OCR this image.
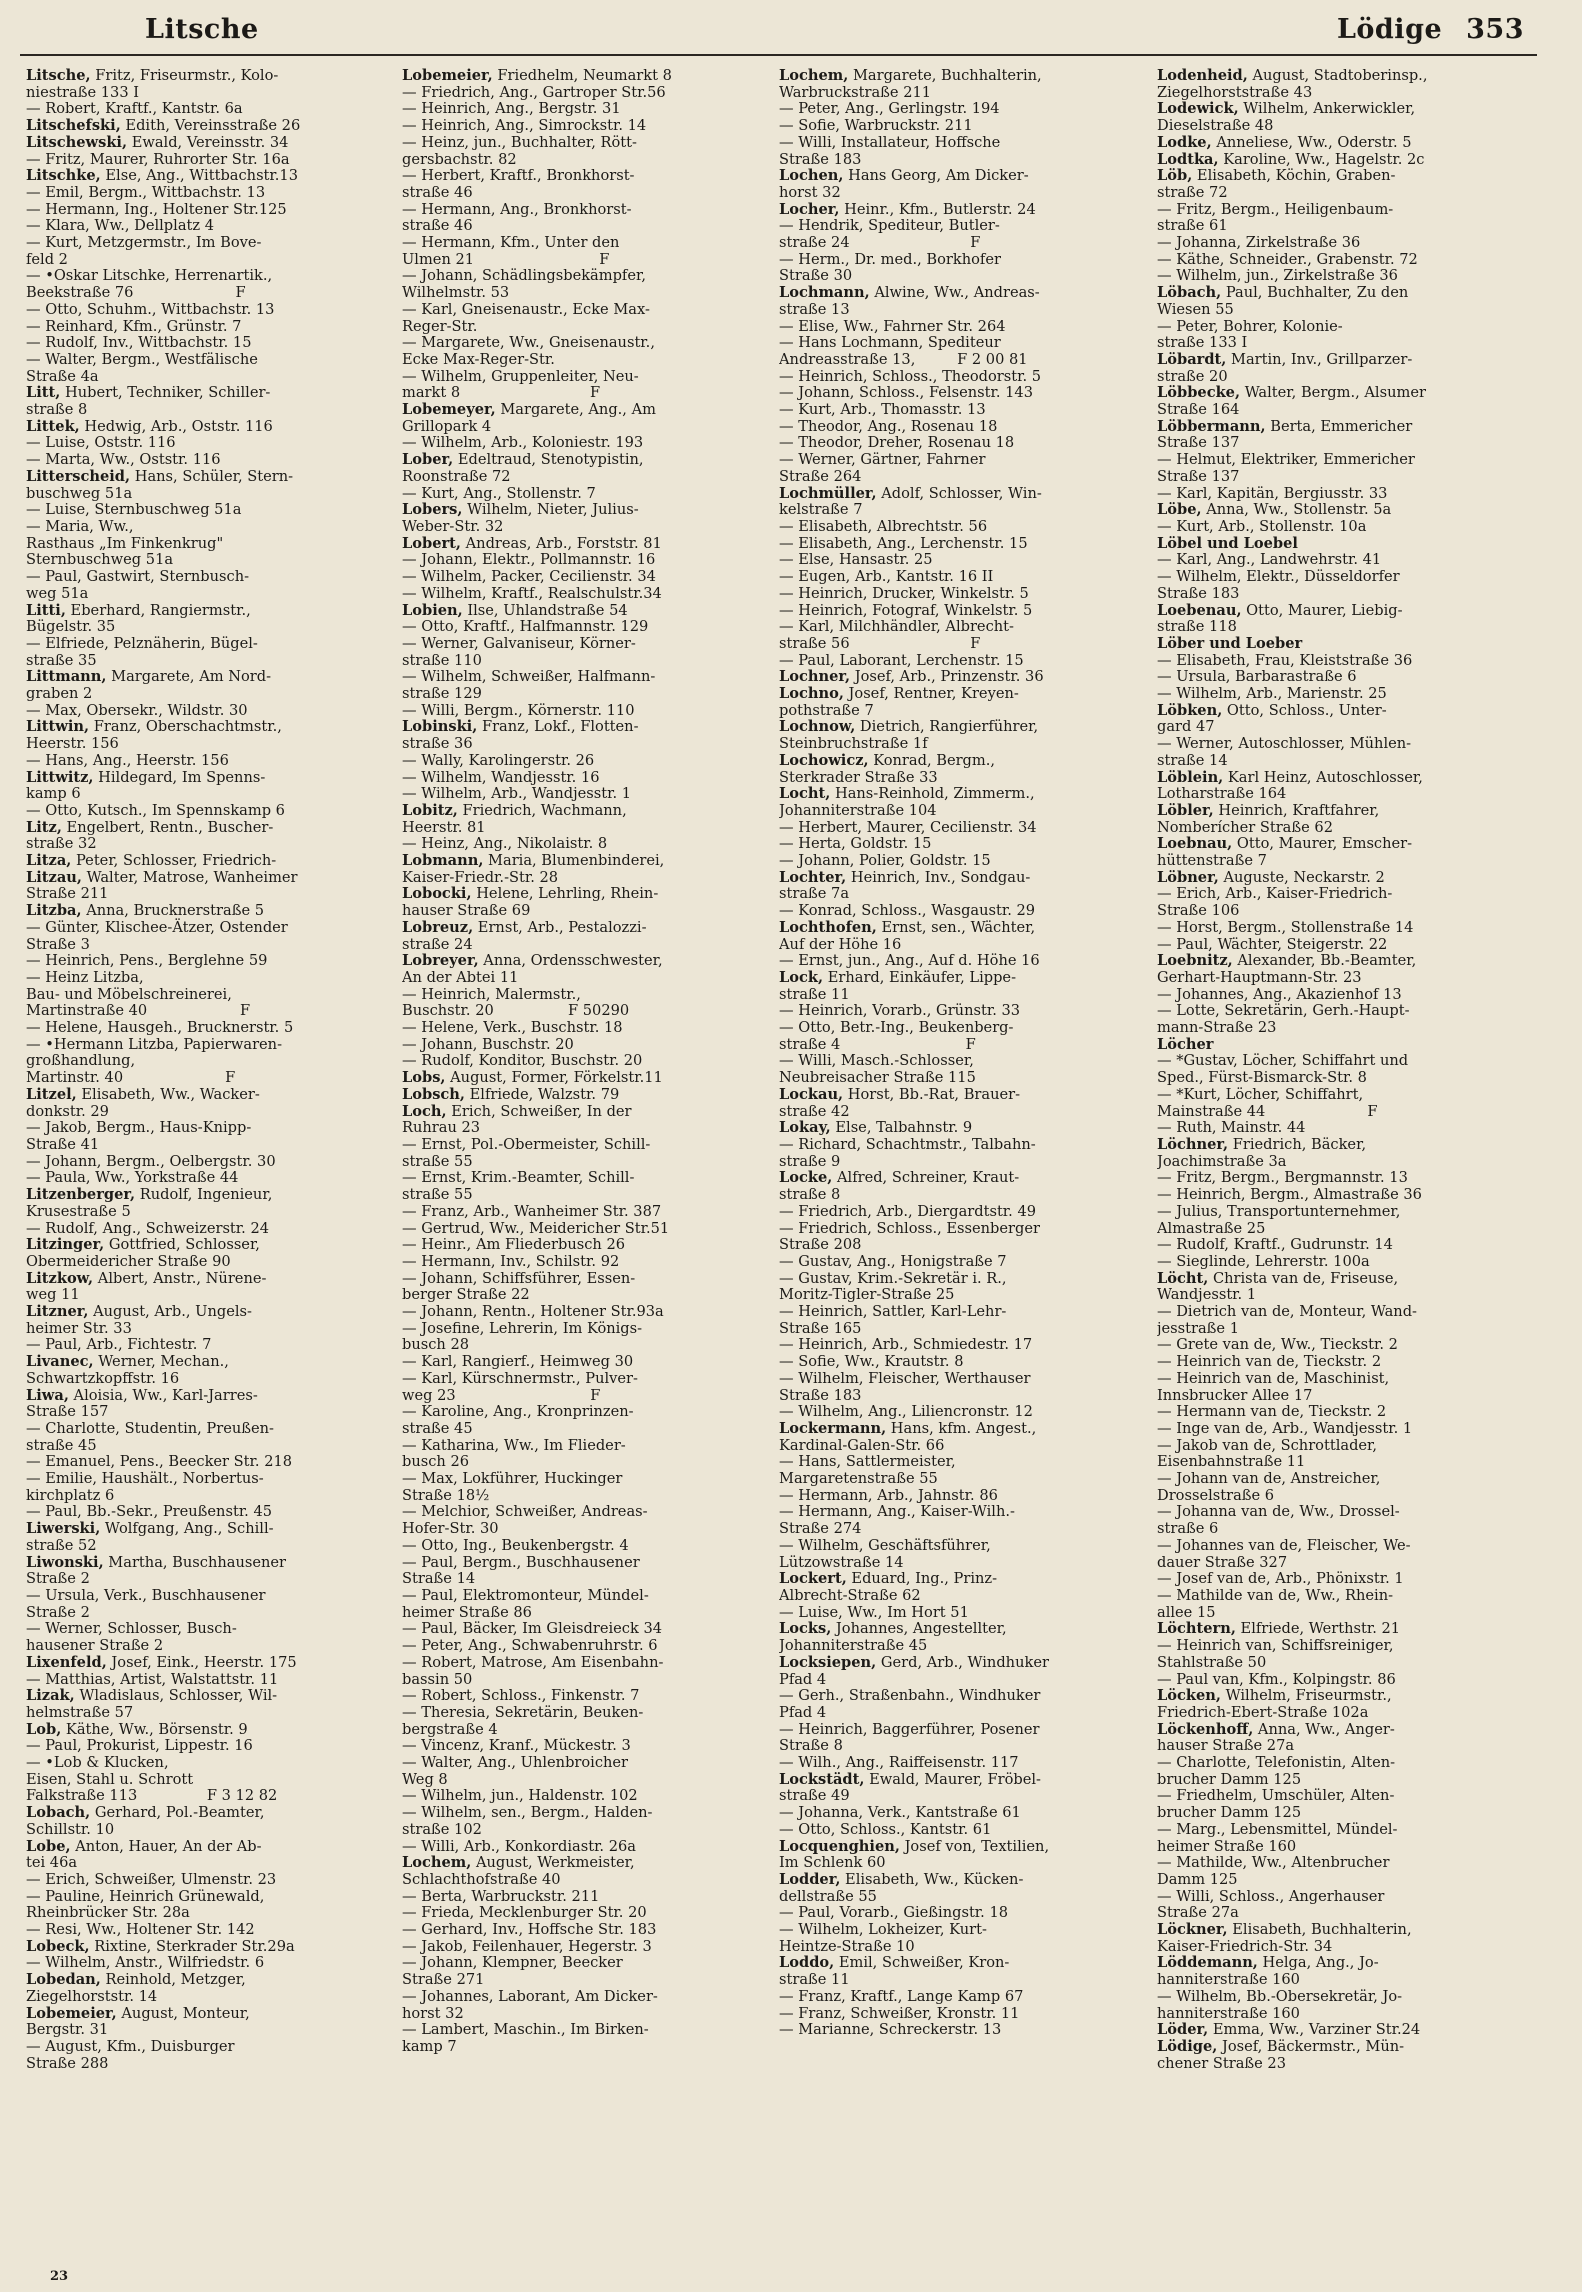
Litsche	Lödige 353
Litsche, Fritz, Friseurmstr., Kolo-
niestraße 133 I
— Robert, Kraftf., Kantstr. 6a
Litschefski, Edith, Vereinsstraße 26
Litschewski, Ewald, Vereinsstr. 34
— Fritz, Maurer, Ruhrorter Str. 16a
Litschke, Else, Ang., Wittbachstr.13
— Emil, Bergm., Wittbachstr. 13
— Hermann, Ing., Holtener Str.125
— Klara, Ww., Dellplatz 4
— Kurt, Metzgermstr., Im Bove-
feld 2
— •Oskar Litschke, Herrenartik.,
Beekstraße 76                      F
— Otto, Schuhm., Wittbachstr. 13
— Reinhard, Kfm., Grünstr. 7
— Rudolf, Inv., Wittbachstr. 15
— Walter, Bergm., Westfälische
Straße 4a
Litt, Hubert, Techniker, Schiller-
straße 8
Littek, Hedwig, Arb., Oststr. 116
— Luise, Oststr. 116
— Marta, Ww., Oststr. 116
Litterscheid, Hans, Schüler, Stern-
buschweg 51a
— Luise, Sternbuschweg 51a
— Maria, Ww.,
Rasthaus „Im Finkenkrug"
Sternbuschweg 51a
— Paul, Gastwirt, Sternbusch-
weg 51a
Litti, Eberhard, Rangiermstr.,
Bügelstr. 35
— Elfriede, Pelznäherin, Bügel-
straße 35
Littmann, Margarete, Am Nord-
graben 2
— Max, Obersekr., Wildstr. 30
Littwin, Franz, Oberschachtmstr.,
Heerstr. 156
— Hans, Ang., Heerstr. 156
Littwitz, Hildegard, Im Spenns-
kamp 6
— Otto, Kutsch., Im Spennskamp 6
Litz, Engelbert, Rentn., Buscher-
straße 32
Litza, Peter, Schlosser, Friedrich-
Litzau, Walter, Matrose, Wanheimer
Straße 211
Litzba, Anna, Brucknerstraße 5
— Günter, Klischee-Ätzer, Ostender
Straße 3
— Heinrich, Pens., Berglehne 59
— Heinz Litzba,
Bau- und Möbelschreinerei,
Martinstraße 40                    F
— Helene, Hausgeh., Brucknerstr. 5
— •Hermann Litzba, Papierwaren-
großhandlung,
Martinstr. 40                      F
Litzel, Elisabeth, Ww., Wacker-
donkstr. 29
— Jakob, Bergm., Haus-Knipp-
Straße 41
— Johann, Bergm., Oelbergstr. 30
— Paula, Ww., Yorkstraße 44
Litzenberger, Rudolf, Ingenieur,
Krusestraße 5
— Rudolf, Ang., Schweizerstr. 24
Litzinger, Gottfried, Schlosser,
Obermeidericher Straße 90
Litzkow, Albert, Anstr., Nürene-
weg 11
Litzner, August, Arb., Ungels-
heimer Str. 33
— Paul, Arb., Fichtestr. 7
Livanec, Werner, Mechan.,
Schwartzkopffstr. 16
Liwa, Aloisia, Ww., Karl-Jarres-
Straße 157
— Charlotte, Studentin, Preußen-
straße 45
— Emanuel, Pens., Beecker Str. 218
— Emilie, Haushält., Norbertus-
kirchplatz 6
— Paul, Bb.-Sekr., Preußenstr. 45
Liwerski, Wolfgang, Ang., Schill-
straße 52
Liwonski, Martha, Buschhausener
Straße 2
— Ursula, Verk., Buschhausener
Straße 2
— Werner, Schlosser, Busch-
hausener Straße 2
Lixenfeld, Josef, Eink., Heerstr. 175
— Matthias, Artist, Walstattstr. 11
Lizak, Wladislaus, Schlosser, Wil-
helmstraße 57
Lob, Käthe, Ww., Börsenstr. 9
— Paul, Prokurist, Lippestr. 16
— •Lob & Klucken,
Eisen, Stahl u. Schrott
Falkstraße 113               F 3 12 82
Lobach, Gerhard, Pol.-Beamter,
Schillstr. 10
Lobe, Anton, Hauer, An der Ab-
tei 46a
— Erich, Schweißer, Ulmenstr. 23
— Pauline, Heinrich Grünewald,
Rheinbrücker Str. 28a
— Resi, Ww., Holtener Str. 142
Lobeck, Rixtine, Sterkrader Str.29a
— Wilhelm, Anstr., Wilfriedstr. 6
Lobedan, Reinhold, Metzger,
Ziegelhorststr. 14
Lobemeier, August, Monteur,
Bergstr. 31
— August, Kfm., Duisburger
Straße 288
Lobemeier, Friedhelm, Neumarkt 8
— Friedrich, Ang., Gartroper Str.56
— Heinrich, Ang., Bergstr. 31
— Heinrich, Ang., Simrockstr. 14
— Heinz, jun., Buchhalter, Rött-
gersbachstr. 82
— Herbert, Kraftf., Bronkhorst-
straße 46
— Hermann, Ang., Bronkhorst-
straße 46
— Hermann, Kfm., Unter den
Ulmen 21                           F
— Johann, Schädlingsbekämpfer,
Wilhelmstr. 53
— Karl, Gneisenaustr., Ecke Max-
Reger-Str.
— Margarete, Ww., Gneisenaustr.,
Ecke Max-Reger-Str.
— Wilhelm, Gruppenleiter, Neu-
markt 8                            F
Lobemeyer, Margarete, Ang., Am
Grillopark 4
— Wilhelm, Arb., Koloniestr. 193
Lober, Edeltraud, Stenotypistin,
Roonstraße 72
— Kurt, Ang., Stollenstr. 7
Lobers, Wilhelm, Nieter, Julius-
Weber-Str. 32
Lobert, Andreas, Arb., Forststr. 81
— Johann, Elektr., Pollmannstr. 16
— Wilhelm, Packer, Cecilienstr. 34
— Wilhelm, Kraftf., Realschulstr.34
Lobien, Ilse, Uhlandstraße 54
— Otto, Kraftf., Halfmannstr. 129
— Werner, Galvaniseur, Körner-
straße 110
— Wilhelm, Schweißer, Halfmann-
straße 129
— Willi, Bergm., Körnerstr. 110
Lobinski, Franz, Lokf., Flotten-
straße 36
— Wally, Karolingerstr. 26
— Wilhelm, Wandjesstr. 16
— Wilhelm, Arb., Wandjesstr. 1
Lobitz, Friedrich, Wachmann,
Heerstr. 81
— Heinz, Ang., Nikolaistr. 8
Lobmann, Maria, Blumenbinderei,
Kaiser-Friedr.-Str. 28
Lobocki, Helene, Lehrling, Rhein-
hauser Straße 69
Lobreuz, Ernst, Arb., Pestalozzi-
straße 24
Lobreyer, Anna, Ordensschwester,
An der Abtei 11
— Heinrich, Malermstr.,
Buschstr. 20                F 50290
— Helene, Verk., Buschstr. 18
— Johann, Buschstr. 20
— Rudolf, Konditor, Buschstr. 20
Lobs, August, Former, Förkelstr.11
Lobsch, Elfriede, Walzstr. 79
Loch, Erich, Schweißer, In der
Ruhrau 23
— Ernst, Pol.-Obermeister, Schill-
straße 55
— Ernst, Krim.-Beamter, Schill-
straße 55
— Franz, Arb., Wanheimer Str. 387
— Gertrud, Ww., Meidericher Str.51
— Heinr., Am Fliederbusch 26
— Hermann, Inv., Schilstr. 92
— Johann, Schiffsführer, Essen-
berger Straße 22
— Johann, Rentn., Holtener Str.93a
— Josefine, Lehrerin, Im Königs-
busch 28
— Karl, Rangierf., Heimweg 30
— Karl, Kürschnermstr., Pulver-
weg 23                             F
— Karoline, Ang., Kronprinzen-
straße 45
— Katharina, Ww., Im Flieder-
busch 26
— Max, Lokführer, Huckinger
Straße 18½
— Melchior, Schweißer, Andreas-
Hofer-Str. 30
— Otto, Ing., Beukenbergstr. 4
— Paul, Bergm., Buschhausener
Straße 14
— Paul, Elektromonteur, Mündel-
heimer Straße 86
— Paul, Bäcker, Im Gleisdreieck 34
— Peter, Ang., Schwabenruhrstr. 6
— Robert, Matrose, Am Eisenbahn-
bassin 50
— Robert, Schloss., Finkenstr. 7
— Theresia, Sekretärin, Beuken-
bergstraße 4
— Vincenz, Kranf., Mückestr. 3
— Walter, Ang., Uhlenbroicher
Weg 8
— Wilhelm, jun., Haldenstr. 102
— Wilhelm, sen., Bergm., Halden-
straße 102
— Willi, Arb., Konkordiastr. 26a
Lochem, August, Werkmeister,
Schlachthofstraße 40
— Berta, Warbruckstr. 211
— Frieda, Mecklenburger Str. 20
— Gerhard, Inv., Hoffsche Str. 183
— Jakob, Feilenhauer, Hegerstr. 3
— Johann, Klempner, Beecker
Straße 271
— Johannes, Laborant, Am Dicker-
horst 32
— Lambert, Maschin., Im Birken-
kamp 7
Lochem, Margarete, Buchhalterin,
Warbruckstraße 211
— Peter, Ang., Gerlingstr. 194
— Sofie, Warbruckstr. 211
— Willi, Installateur, Hoffsche
Straße 183
Lochen, Hans Georg, Am Dicker-
horst 32
Locher, Heinr., Kfm., Butlerstr. 24
— Hendrik, Spediteur, Butler-
straße 24                          F
— Herm., Dr. med., Borkhofer
Straße 30
Lochmann, Alwine, Ww., Andreas-
straße 13
— Elise, Ww., Fahrner Str. 264
— Hans Lochmann, Spediteur
Andreasstraße 13,         F 2 00 81
— Heinrich, Schloss., Theodorstr. 5
— Johann, Schloss., Felsenstr. 143
— Kurt, Arb., Thomasstr. 13
— Theodor, Ang., Rosenau 18
— Theodor, Dreher, Rosenau 18
— Werner, Gärtner, Fahrner
Straße 264
Lochmüller, Adolf, Schlosser, Win-
kelstraße 7
— Elisabeth, Albrechtstr. 56
— Elisabeth, Ang., Lerchenstr. 15
— Else, Hansastr. 25
— Eugen, Arb., Kantstr. 16 II
— Heinrich, Drucker, Winkelstr. 5
— Heinrich, Fotograf, Winkelstr. 5
— Karl, Milchhändler, Albrecht-
straße 56                          F
— Paul, Laborant, Lerchenstr. 15
Lochner, Josef, Arb., Prinzenstr. 36
Lochno, Josef, Rentner, Kreyen-
pothstraße 7
Lochnow, Dietrich, Rangierführer,
Steinbruchstraße 1f
Lochowicz, Konrad, Bergm.,
Sterkrader Straße 33
Locht, Hans-Reinhold, Zimmerm.,
Johanniterstraße 104
— Herbert, Maurer, Cecilienstr. 34
— Herta, Goldstr. 15
— Johann, Polier, Goldstr. 15
Lochter, Heinrich, Inv., Sondgau-
straße 7a
— Konrad, Schloss., Wasgaustr. 29
Lochthofen, Ernst, sen., Wächter,
Auf der Höhe 16
— Ernst, jun., Ang., Auf d. Höhe 16
Lock, Erhard, Einkäufer, Lippe-
straße 11
— Heinrich, Vorarb., Grünstr. 33
— Otto, Betr.-Ing., Beukenberg-
straße 4                           F
— Willi, Masch.-Schlosser,
Neubreisacher Straße 115
Lockau, Horst, Bb.-Rat, Brauer-
straße 42
Lokay, Else, Talbahnstr. 9
— Richard, Schachtmstr., Talbahn-
straße 9
Locke, Alfred, Schreiner, Kraut-
straße 8
— Friedrich, Arb., Diergardtstr. 49
— Friedrich, Schloss., Essenberger
Straße 208
— Gustav, Ang., Honigstraße 7
— Gustav, Krim.-Sekretär i. R.,
Moritz-Tigler-Straße 25
— Heinrich, Sattler, Karl-Lehr-
Straße 165
— Heinrich, Arb., Schmiedestr. 17
— Sofie, Ww., Krautstr. 8
— Wilhelm, Fleischer, Werthauser
Straße 183
— Wilhelm, Ang., Liliencronstr. 12
Lockermann, Hans, kfm. Angest.,
Kardinal-Galen-Str. 66
— Hans, Sattlermeister,
Margaretenstraße 55
— Hermann, Arb., Jahnstr. 86
— Hermann, Ang., Kaiser-Wilh.-
Straße 274
— Wilhelm, Geschäftsführer,
Lützowstraße 14
Lockert, Eduard, Ing., Prinz-
Albrecht-Straße 62
— Luise, Ww., Im Hort 51
Locks, Johannes, Angestellter,
Johanniterstraße 45
Locksiepen, Gerd, Arb., Windhuker
Pfad 4
— Gerh., Straßenbahn., Windhuker
Pfad 4
— Heinrich, Baggerführer, Posener
Straße 8
— Wilh., Ang., Raiffeisenstr. 117
Lockstädt, Ewald, Maurer, Fröbel-
straße 49
— Johanna, Verk., Kantstraße 61
— Otto, Schloss., Kantstr. 61
Locquenghien, Josef von, Textilien,
Im Schlenk 60
Lodder, Elisabeth, Ww., Kücken-
dellstraße 55
— Paul, Vorarb., Gießingstr. 18
— Wilhelm, Lokheizer, Kurt-
Heintze-Straße 10
Loddo, Emil, Schweißer, Kron-
straße 11
— Franz, Kraftf., Lange Kamp 67
— Franz, Schweißer, Kronstr. 11
— Marianne, Schreckerstr. 13
Lodenheid, August, Stadtoberinsp.,
Ziegelhorststraße 43
Lodewick, Wilhelm, Ankerwickler,
Dieselstraße 48
Lodke, Anneliese, Ww., Oderstr. 5
Lodtka, Karoline, Ww., Hagelstr. 2c
Löb, Elisabeth, Köchin, Graben-
straße 72
— Fritz, Bergm., Heiligenbaum-
straße 61
— Johanna, Zirkelstraße 36
— Käthe, Schneider., Grabenstr. 72
— Wilhelm, jun., Zirkelstraße 36
Löbach, Paul, Buchhalter, Zu den
Wiesen 55
— Peter, Bohrer, Kolonie-
straße 133 I
Löbardt, Martin, Inv., Grillparzer-
straße 20
Löbbecke, Walter, Bergm., Alsumer
Straße 164
Löbbermann, Berta, Emmericher
Straße 137
— Helmut, Elektriker, Emmericher
Straße 137
— Karl, Kapitän, Bergiusstr. 33
Löbe, Anna, Ww., Stollenstr. 5a
— Kurt, Arb., Stollenstr. 10a
Löbel und Loebel
— Karl, Ang., Landwehrstr. 41
— Wilhelm, Elektr., Düsseldorfer
Straße 183
Loebenau, Otto, Maurer, Liebig-
straße 118
Löber und Loeber
— Elisabeth, Frau, Kleiststraße 36
— Ursula, Barbarastraße 6
— Wilhelm, Arb., Marienstr. 25
Löbken, Otto, Schloss., Unter-
gard 47
— Werner, Autoschlosser, Mühlen-
straße 14
Löblein, Karl Heinz, Autoschlosser,
Lotharstraße 164
Löbler, Heinrich, Kraftfahrer,
Nomberícher Straße 62
Loebnau, Otto, Maurer, Emscher-
hüttenstraße 7
Löbner, Auguste, Neckarstr. 2
— Erich, Arb., Kaiser-Friedrich-
Straße 106
— Horst, Bergm., Stollenstraße 14
— Paul, Wächter, Steigerstr. 22
Loebnitz, Alexander, Bb.-Beamter,
Gerhart-Hauptmann-Str. 23
— Johannes, Ang., Akazienhof 13
— Lotte, Sekretärin, Gerh.-Haupt-
mann-Straße 23
Löcher
— *Gustav, Löcher, Schiffahrt und
Sped., Fürst-Bismarck-Str. 8
— *Kurt, Löcher, Schiffahrt,
Mainstraße 44                      F
— Ruth, Mainstr. 44
Löchner, Friedrich, Bäcker,
Joachimstraße 3a
— Fritz, Bergm., Bergmannstr. 13
— Heinrich, Bergm., Almastraße 36
— Julius, Transportunternehmer,
Almastraße 25
— Rudolf, Kraftf., Gudrunstr. 14
— Sieglinde, Lehrerstr. 100a
Löcht, Christa van de, Friseuse,
Wandjesstr. 1
— Dietrich van de, Monteur, Wand-
jesstraße 1
— Grete van de, Ww., Tieckstr. 2
— Heinrich van de, Tieckstr. 2
— Heinrich van de, Maschinist,
Innsbrucker Allee 17
— Hermann van de, Tieckstr. 2
— Inge van de, Arb., Wandjesstr. 1
— Jakob van de, Schrottlader,
Eisenbahnstraße 11
— Johann van de, Anstreicher,
Drosselstraße 6
— Johanna van de, Ww., Drossel-
straße 6
— Johannes van de, Fleischer, We-
dauer Straße 327
— Josef van de, Arb., Phönixstr. 1
— Mathilde van de, Ww., Rhein-
allee 15
Löchtern, Elfriede, Werthstr. 21
— Heinrich van, Schiffsreiniger,
Stahlstraße 50
— Paul van, Kfm., Kolpingstr. 86
Löcken, Wilhelm, Friseurmstr.,
Friedrich-Ebert-Straße 102a
Löckenhoff, Anna, Ww., Anger-
hauser Straße 27a
— Charlotte, Telefonistin, Alten-
brucher Damm 125
— Friedhelm, Umschüler, Alten-
brucher Damm 125
— Marg., Lebensmittel, Mündel-
heimer Straße 160
— Mathilde, Ww., Altenbrucher
Damm 125
— Willi, Schloss., Angerhauser
Straße 27a
Löckner, Elisabeth, Buchhalterin,
Kaiser-Friedrich-Str. 34
Löddemann, Helga, Ang., Jo-
hanniterstraße 160
— Wilhelm, Bb.-Obersekretär, Jo-
hanniterstraße 160
Löder, Emma, Ww., Varziner Str.24
Lödige, Josef, Bäckermstr., Mün-
chener Straße 23
23
